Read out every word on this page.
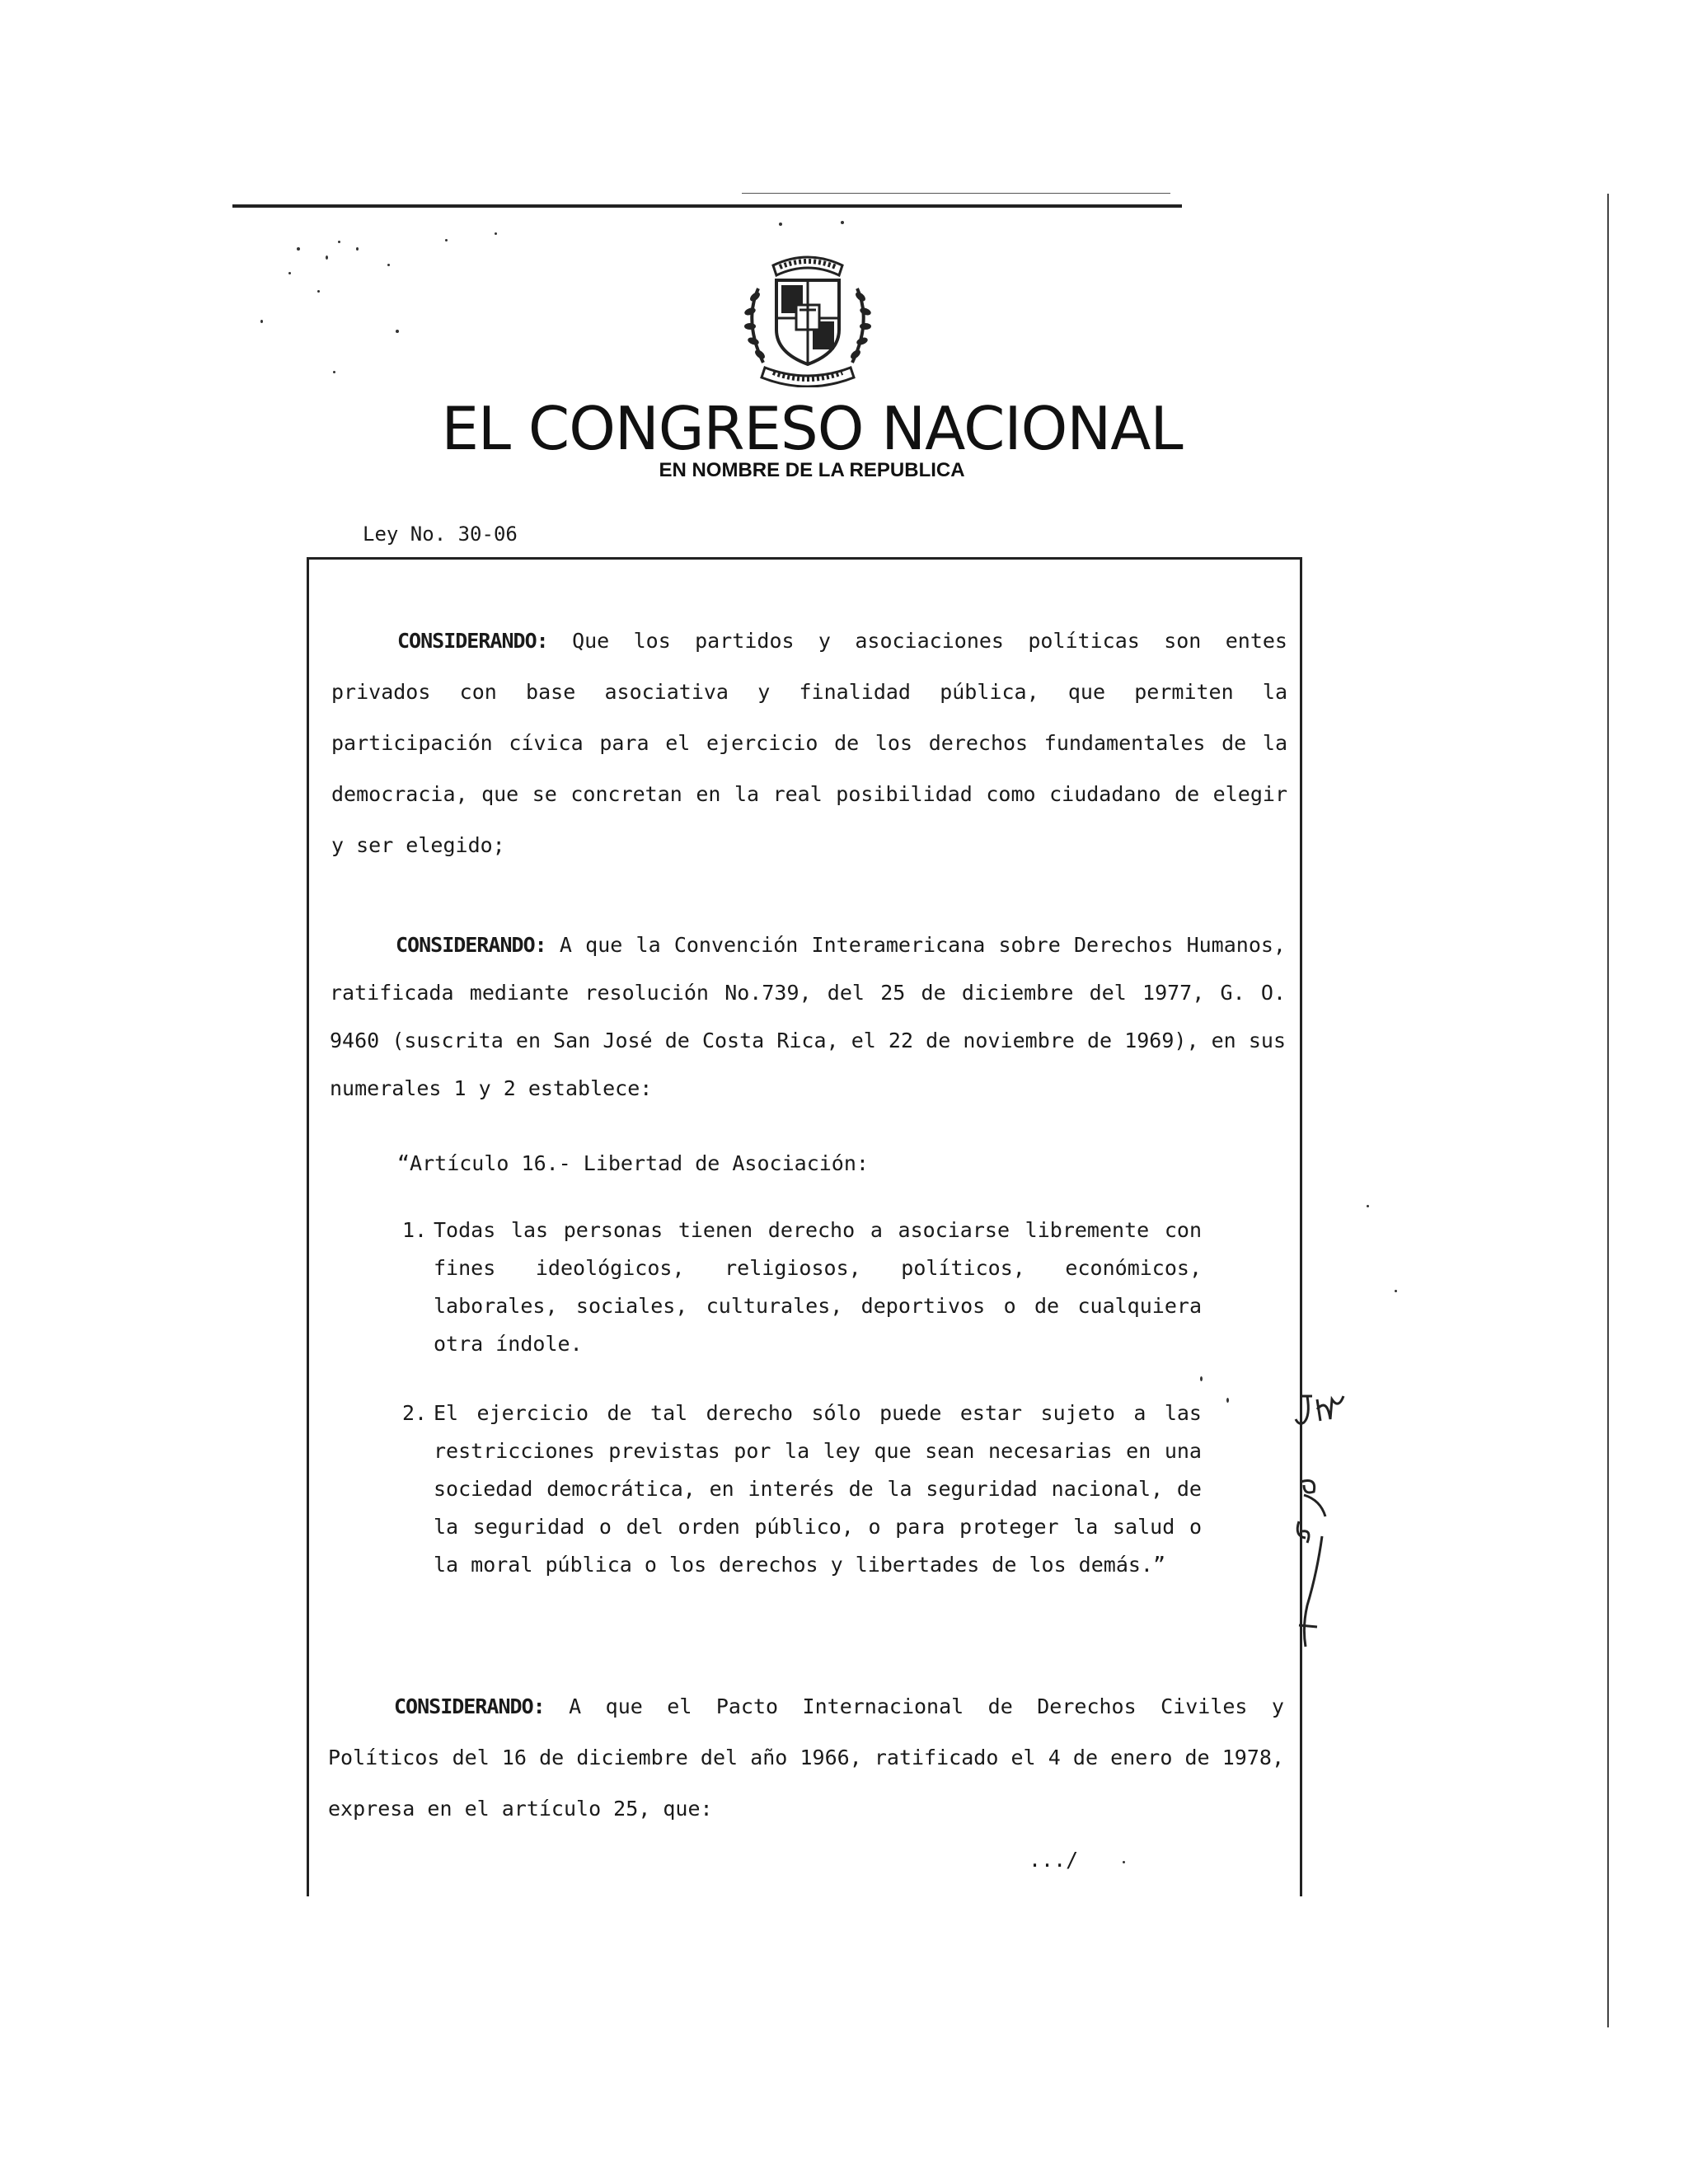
EL CONGRESO NACIONAL
EN NOMBRE DE LA REPUBLICA
Ley No. 30-06
CONSIDERANDO: Que los partidos y asociaciones políticas son entes privados con base asociativa y finalidad pública, que permiten la participación cívica para el ejercicio de los derechos fundamentales de la democracia, que se concretan en la real posibilidad como ciudadano de elegir y ser elegido;
CONSIDERANDO: A que la Convención Interamericana sobre Derechos Humanos, ratificada mediante resolución No.739, del 25 de diciembre del 1977, G. O. 9460 (suscrita en San José de Costa Rica, el 22 de noviembre de 1969), en sus numerales 1 y 2 establece:
“Artículo 16.- Libertad de Asociación:
1. Todas las personas tienen derecho a asociarse libremente con fines ideológicos, religiosos, políticos, económicos, laborales, sociales, culturales, deportivos o de cualquiera otra índole.
2. El ejercicio de tal derecho sólo puede estar sujeto a las restricciones previstas por la ley que sean necesarias en una sociedad democrática, en interés de la seguridad nacional, de la seguridad o del orden público, o para proteger la salud o la moral pública o los derechos y libertades de los demás.”
CONSIDERANDO: A que el Pacto Internacional de Derechos Civiles y Políticos del 16 de diciembre del año 1966, ratificado el 4 de enero de 1978, expresa en el artículo 25, que:
.../
